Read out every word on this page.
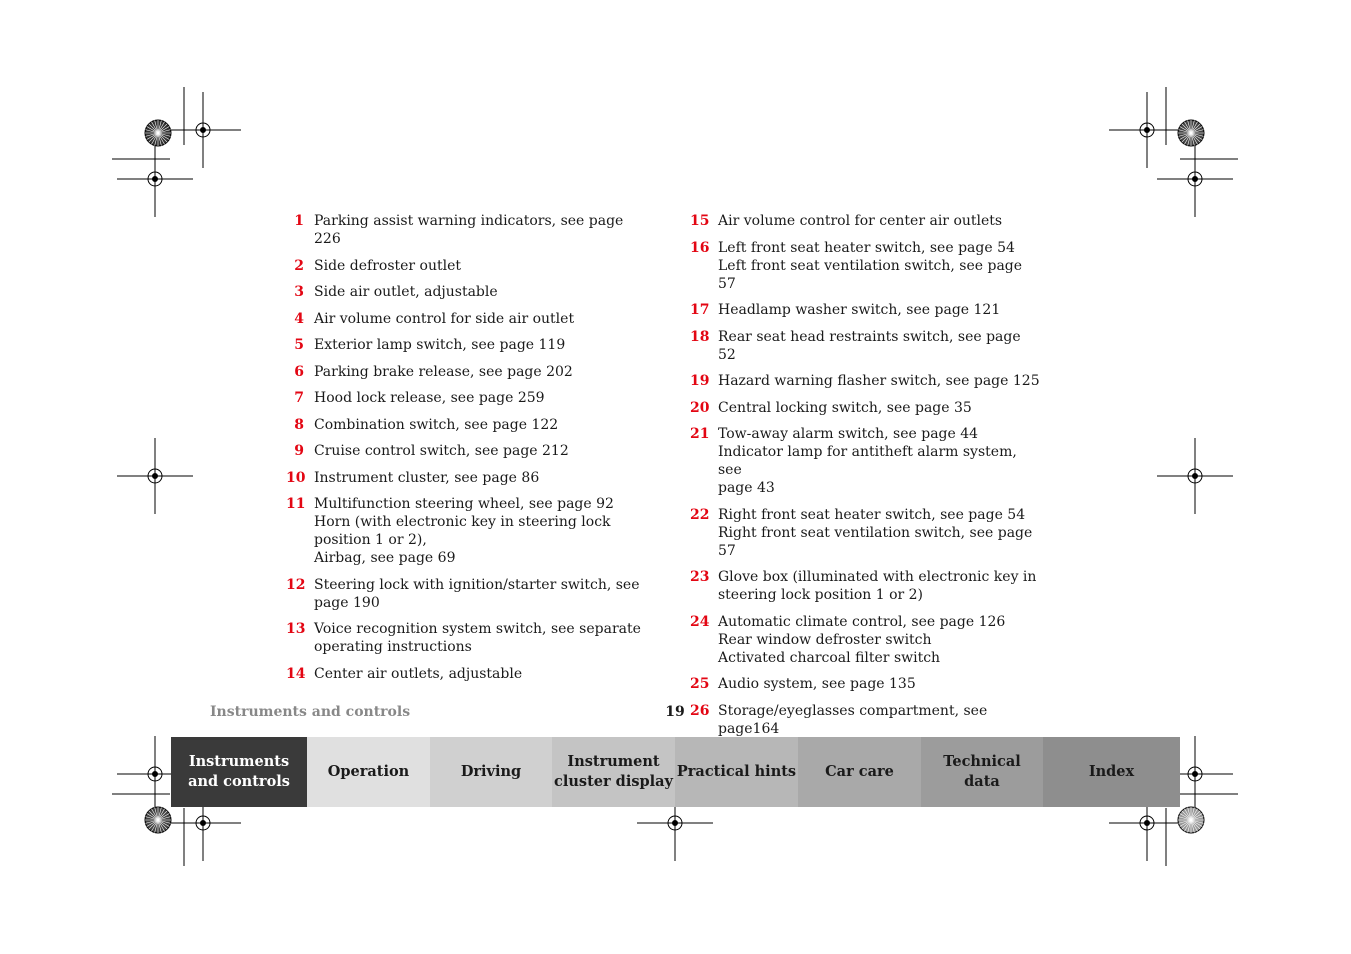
1 Parking assist warning indicators, see page 226
2 Side defroster outlet
3 Side air outlet, adjustable
4 Air volume control for side air outlet
5 Exterior lamp switch, see page 119
6 Parking brake release, see page 202
7 Hood lock release, see page 259
8 Combination switch, see page 122
9 Cruise control switch, see page 212
10 Instrument cluster, see page 86
11 Multifunction steering wheel, see page 92
Horn (with electronic key in steering lock
position 1 or 2),
Airbag, see page 69
12 Steering lock with ignition/starter switch, see
page 190
13 Voice recognition system switch, see separate
operating instructions
14 Center air outlets, adjustable
15 Air volume control for center air outlets
16 Left front seat heater switch, see page 54
Left front seat ventilation switch, see page 57
17 Headlamp washer switch, see page 121
18 Rear seat head restraints switch, see page 52
19 Hazard warning flasher switch, see page 125
20 Central locking switch, see page 35
21 Tow-away alarm switch, see page 44
Indicator lamp for antitheft alarm system, see
page 43
22 Right front seat heater switch, see page 54
Right front seat ventilation switch, see page 57
23 Glove box (illuminated with electronic key in
steering lock position 1 or 2)
24 Automatic climate control, see page 126
Rear window defroster switch
Activated charcoal filter switch
25 Audio system, see page 135
26 Storage/eyeglasses compartment, see page164
Instruments and controls	19
Instruments
and controls
Operation	Driving
Instrument
cluster display
Practical hints	Car care
Technical
data
Index
